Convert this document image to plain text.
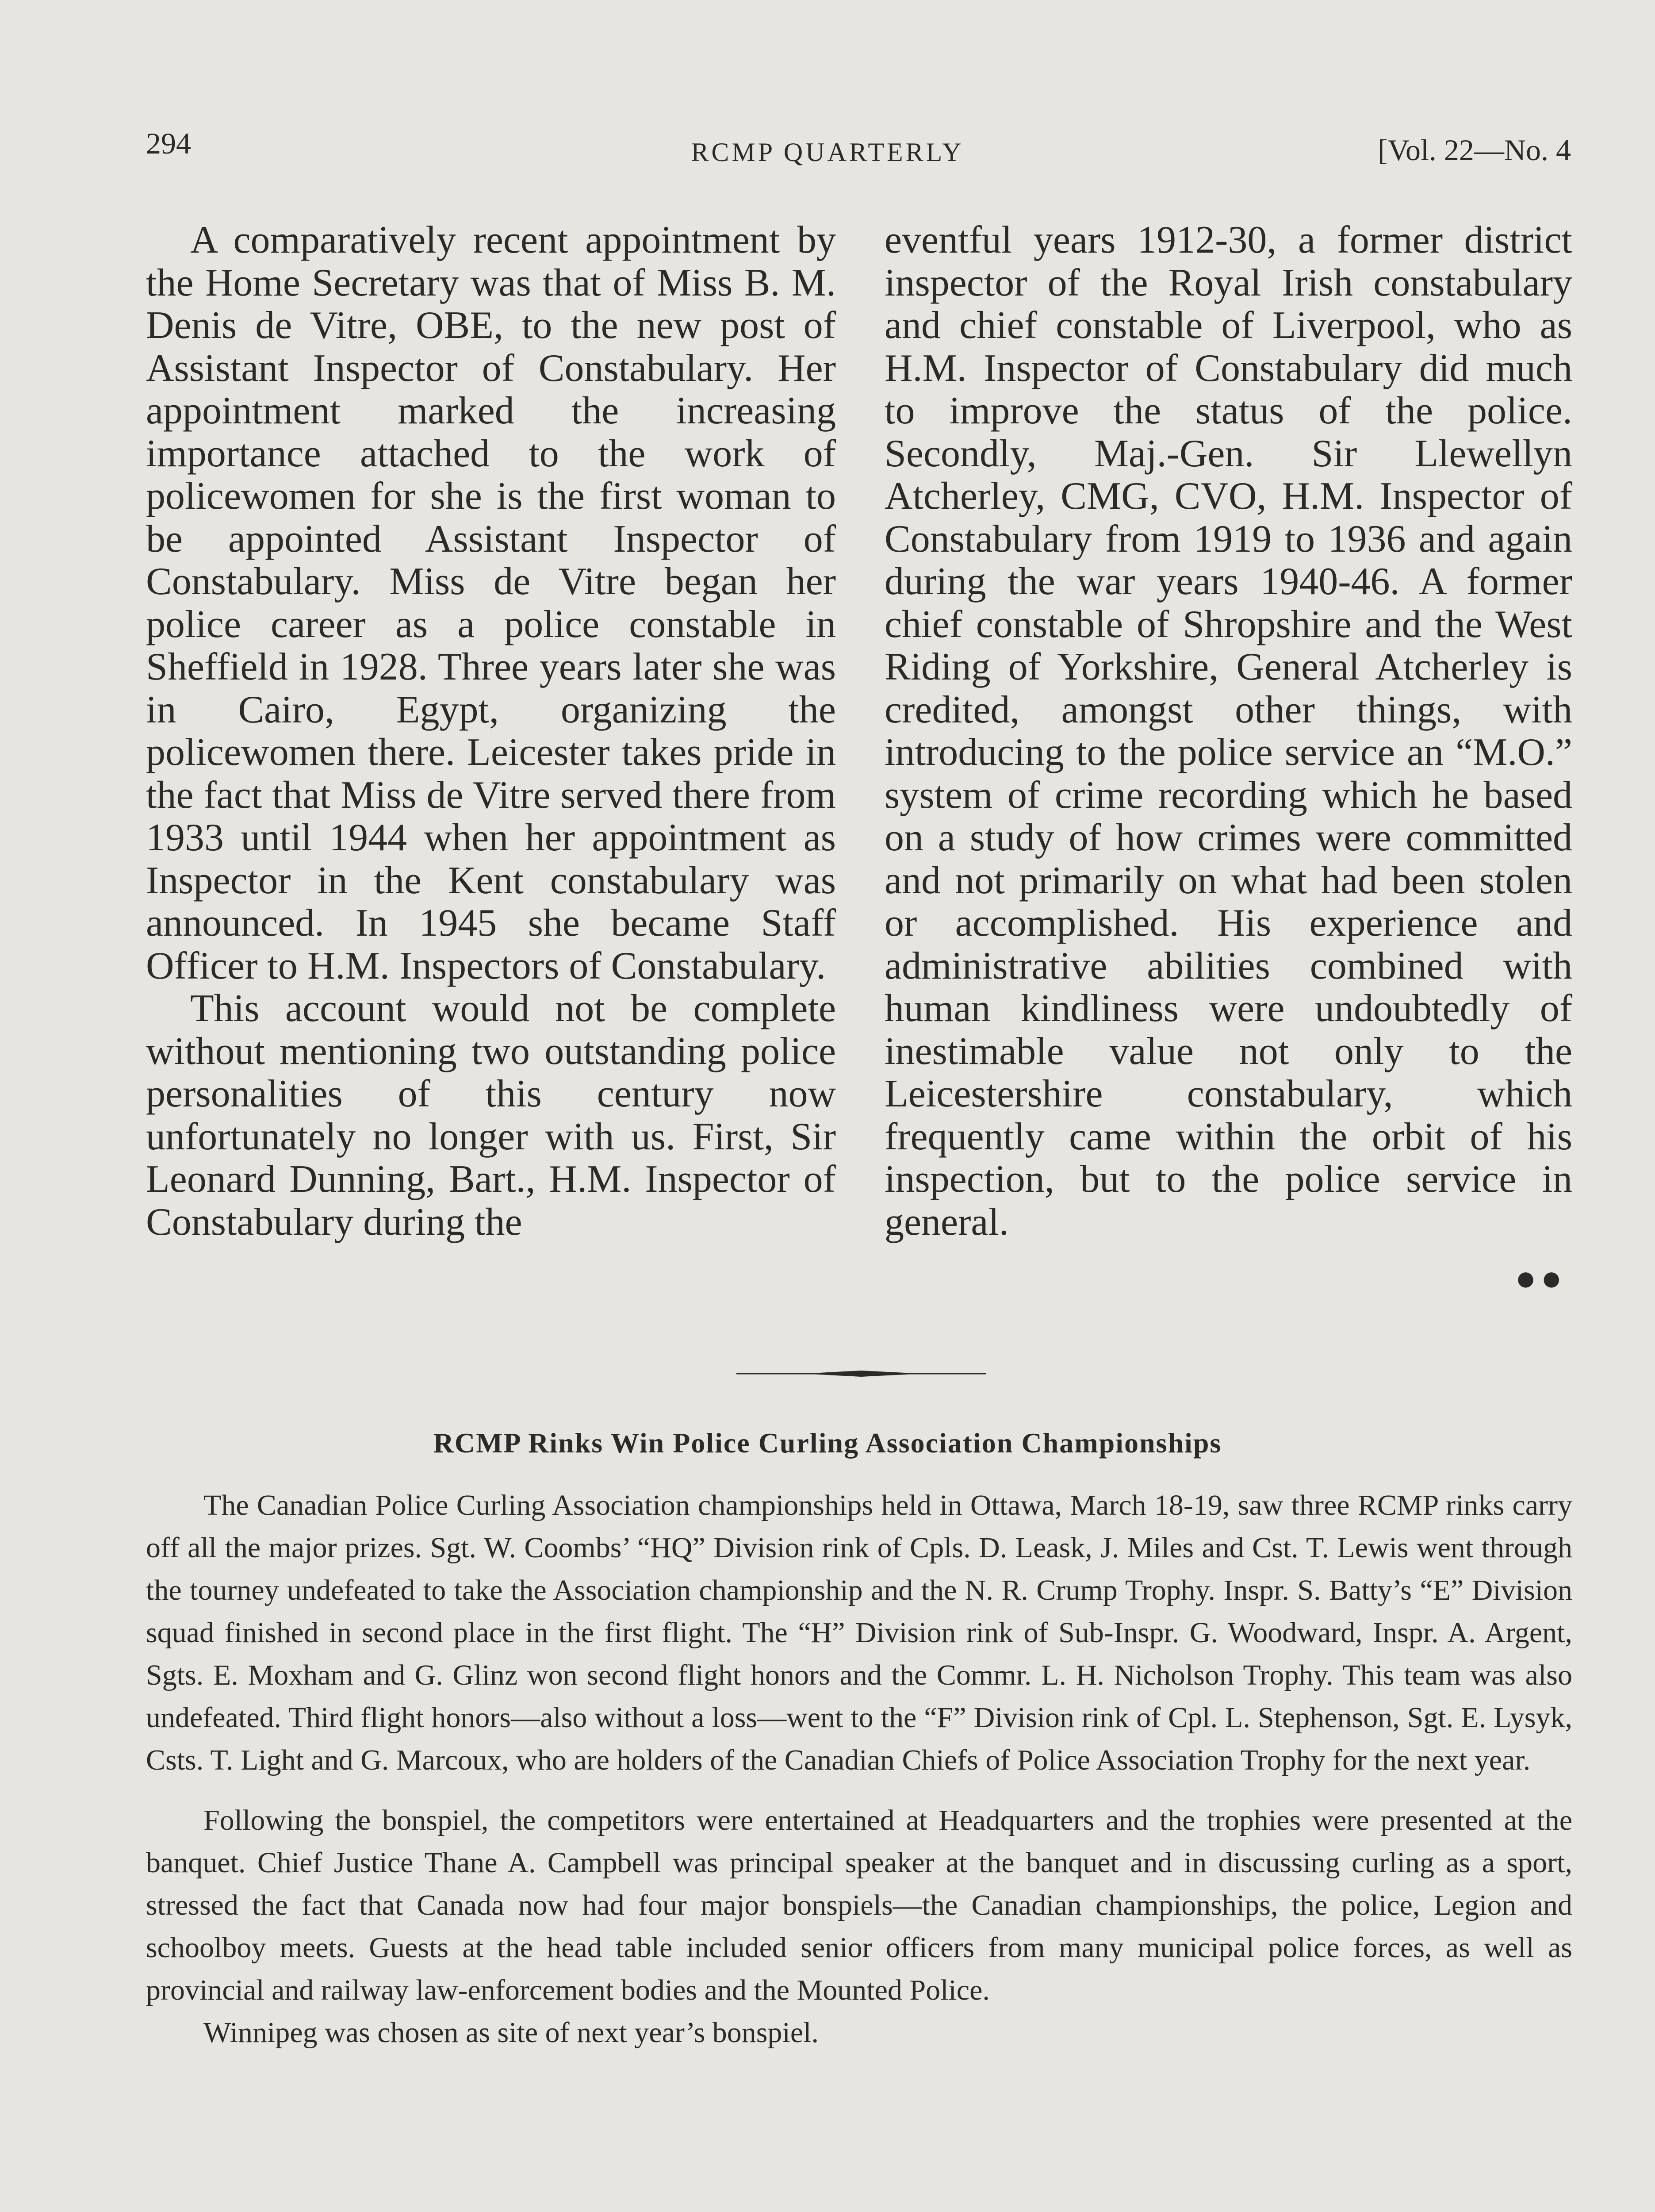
294	RCMP QUARTERLY	[Vol. 22—No. 4

A comparatively recent appointment by the Home Secretary was that of Miss B. M. Denis de Vitre, OBE, to the new post of Assistant Inspector of Constabulary. Her appointment marked the increasing importance attached to the work of policewomen for she is the first woman to be appointed Assistant Inspector of Constabulary. Miss de Vitre began her police career as a police constable in Sheffield in 1928. Three years later she was in Cairo, Egypt, organizing the policewomen there. Leicester takes pride in the fact that Miss de Vitre served there from 1933 until 1944 when her appointment as Inspector in the Kent constabulary was announced. In 1945 she became Staff Officer to H.M. Inspectors of Constabulary.

This account would not be complete without mentioning two outstanding police personalities of this century now unfortunately no longer with us. First, Sir Leonard Dunning, Bart., H.M. Inspector of Constabulary during the

eventful years 1912-30, a former district inspector of the Royal Irish constabulary and chief constable of Liverpool, who as H.M. Inspector of Constabulary did much to improve the status of the police. Secondly, Maj.-Gen. Sir Llewellyn Atcherley, CMG, CVO, H.M. Inspector of Constabulary from 1919 to 1936 and again during the war years 1940-46. A former chief constable of Shropshire and the West Riding of Yorkshire, General Atcherley is credited, amongst other things, with introducing to the police service an “M.O.” system of crime recording which he based on a study of how crimes were committed and not primarily on what had been stolen or accomplished. His experience and administrative abilities combined with human kindliness were undoubtedly of inestimable value not only to the Leicestershire constabulary, which frequently came within the orbit of his inspection, but to the police service in general.

●●
RCMP Rinks Win Police Curling Association Championships

The Canadian Police Curling Association championships held in Ottawa, March 18-19, saw three RCMP rinks carry off all the major prizes. Sgt. W. Coombs’ “HQ” Division rink of Cpls. D. Leask, J. Miles and Cst. T. Lewis went through the tourney undefeated to take the Association championship and the N. R. Crump Trophy. Inspr. S. Batty’s “E” Division squad finished in second place in the first flight. The “H” Division rink of Sub-Inspr. G. Woodward, Inspr. A. Argent, Sgts. E. Moxham and G. Glinz won second flight honors and the Commr. L. H. Nicholson Trophy. This team was also undefeated. Third flight honors—also without a loss—went to the “F” Division rink of Cpl. L. Stephenson, Sgt. E. Lysyk, Csts. T. Light and G. Marcoux, who are holders of the Canadian Chiefs of Police Association Trophy for the next year.

Following the bonspiel, the competitors were entertained at Headquarters and the trophies were presented at the banquet. Chief Justice Thane A. Campbell was principal speaker at the banquet and in discussing curling as a sport, stressed the fact that Canada now had four major bonspiels—the Canadian championships, the police, Legion and schoolboy meets. Guests at the head table included senior officers from many municipal police forces, as well as provincial and railway law-enforcement bodies and the Mounted Police.

Winnipeg was chosen as site of next year’s bonspiel.
